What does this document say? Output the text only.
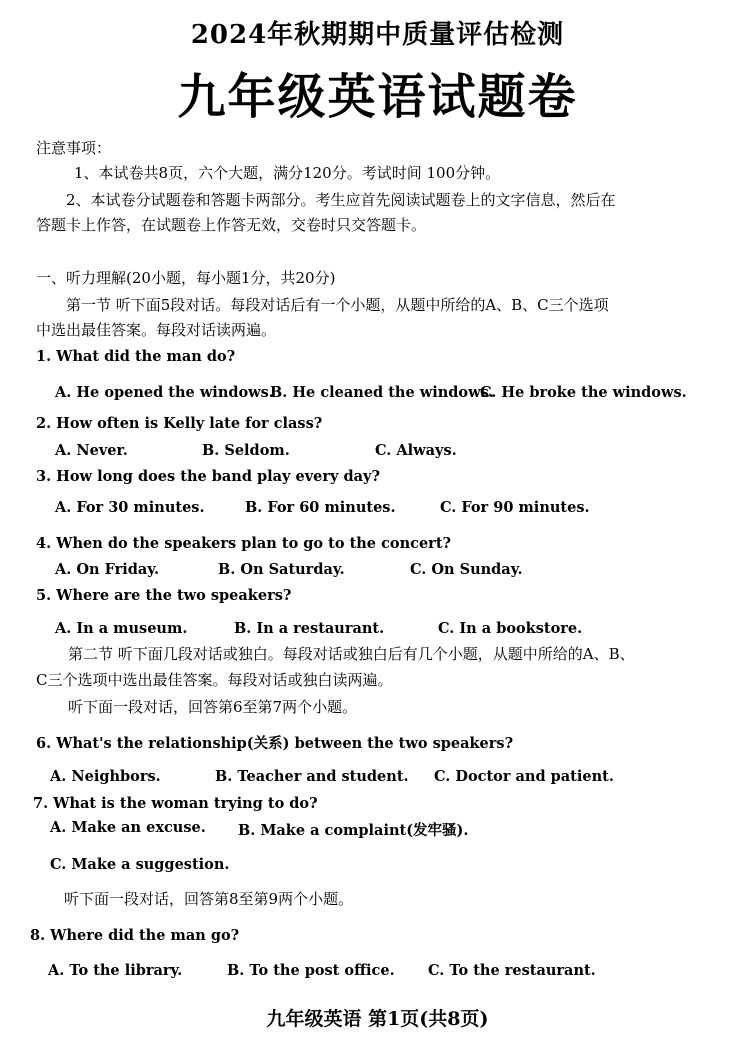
2024年秋期期中质量评估检测
九年级英语试题卷
注意事项：
1、本试卷共8页，六个大题，满分120分。考试时间 100分钟。
2、本试卷分试题卷和答题卡两部分。考生应首先阅读试题卷上的文字信息，然后在
答题卡上作答，在试题卷上作答无效，交卷时只交答题卡。
一、听力理解(20小题，每小题1分，共20分)
第一节 听下面5段对话。每段对话后有一个小题，从题中所给的A、B、C三个选项
中选出最佳答案。每段对话读两遍。
1. What did the man do?
A. He opened the windows.
B. He cleaned the windows.
C. He broke the windows.
2. How often is Kelly late for class?
A. Never.	B. Seldom.	C. Always.
3. How long does the band play every day?
A. For 30 minutes.	B. For 60 minutes.	C. For 90 minutes.
4. When do the speakers plan to go to the concert?
A. On Friday.	B. On Saturday.	C. On Sunday.
5. Where are the two speakers?
A. In a museum.	B. In a restaurant.	C. In a bookstore.
第二节 听下面几段对话或独白。每段对话或独白后有几个小题，从题中所给的A、B、
C三个选项中选出最佳答案。每段对话或独白读两遍。
听下面一段对话，回答第6至第7两个小题。
6. What's the relationship(关系) between the two speakers?
A. Neighbors.	B. Teacher and student. C. Doctor and patient.
7. What is the woman trying to do?
A. Make an excuse. B. Make a complaint(发牢骚).
C. Make a suggestion.
听下面一段对话，回答第8至第9两个小题。
8. Where did the man go?
A. To the library.	B. To the post office. C. To the restaurant.
九年级英语 第1页(共8页)
